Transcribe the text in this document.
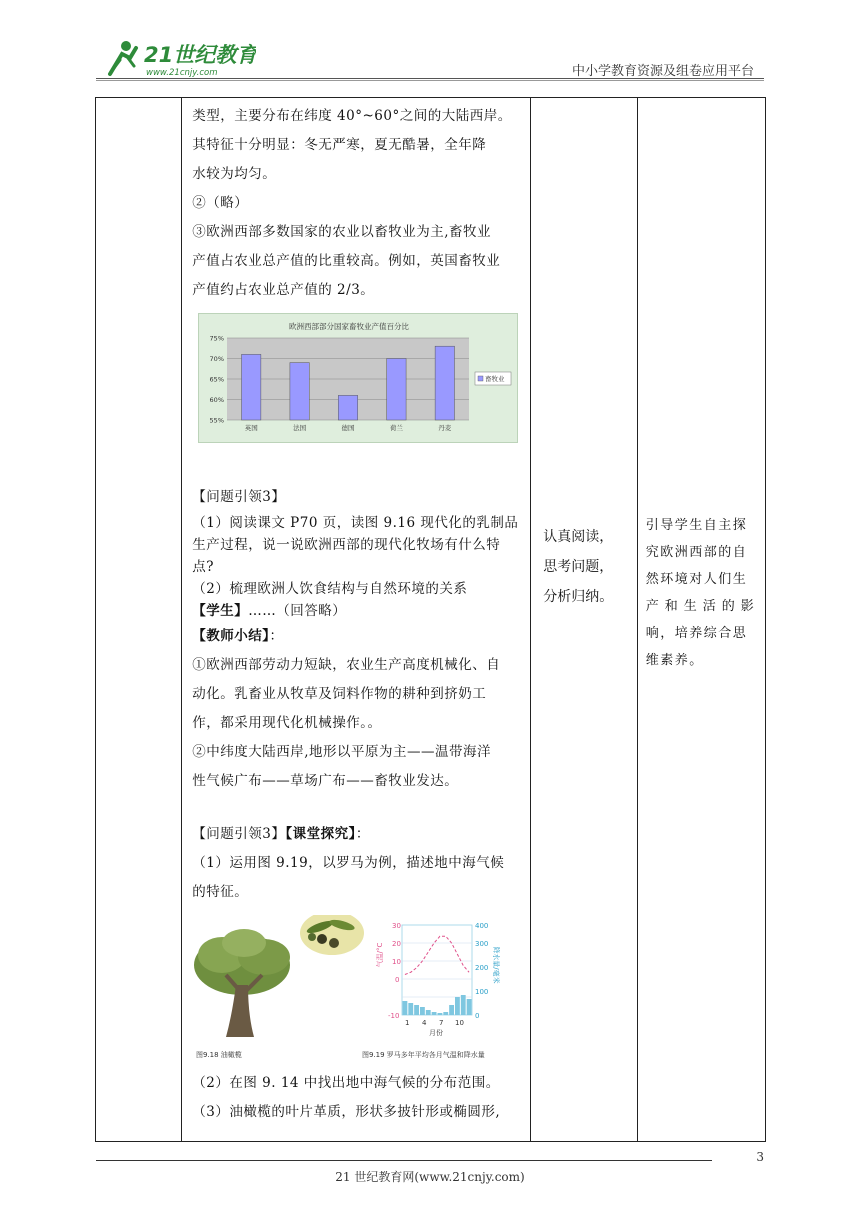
21世纪教育
www.21cnjy.com	中小学教育资源及组卷应用平台

类型，主要分布在纬度 40°~60°之间的大陆西岸。

其特征十分明显：冬无严寒，夏无酷暑，全年降

水较为均匀。

②（略）

③欧洲西部多数国家的农业以畜牧业为主,畜牧业

产值占农业总产值的比重较高。例如，英国畜牧业

产值约占农业总产值的 2/3。

欧洲西部部分国家畜牧业产值百分比
75%
70%
65%
60%
55%
英国	法国	德国	荷兰	丹麦
畜牧业

【问题引领3】

（1）阅读课文 P70 页，读图 9.16 现代化的乳制品

生产过程，说一说欧洲西部的现代化牧场有什么特

点?

（2）梳理欧洲人饮食结构与自然环境的关系

【学生】……（回答略）

【教师小结】：

①欧洲西部劳动力短缺，农业生产高度机械化、自

动化。乳畜业从牧草及饲料作物的耕种到挤奶工

作，都采用现代化机械操作。。

②中纬度大陆西岸,地形以平原为主——温带海洋

性气候广布——草场广布——畜牧业发达。

【问题引领3】【课堂探究】：

（1）运用图 9.19，以罗马为例，描述地中海气候

的特征。

图9.18 油橄榄
30
20
10
0
-10
400
300
200
100
0
1 4 7 10
月份
气温/°C	降水量/毫米
图9.19 罗马多年平均各月气温和降水量

（2）在图 9. 14 中找出地中海气候的分布范围。

（3）油橄榄的叶片革质，形状多披针形或椭圆形,

认真阅读，
思考问题，
分析归纳。

引导学生自主探
究欧洲西部的自
然环境对人们生
产和生活的影
响，培养综合思
维素养。
3
21 世纪教育网(www.21cnjy.com)
